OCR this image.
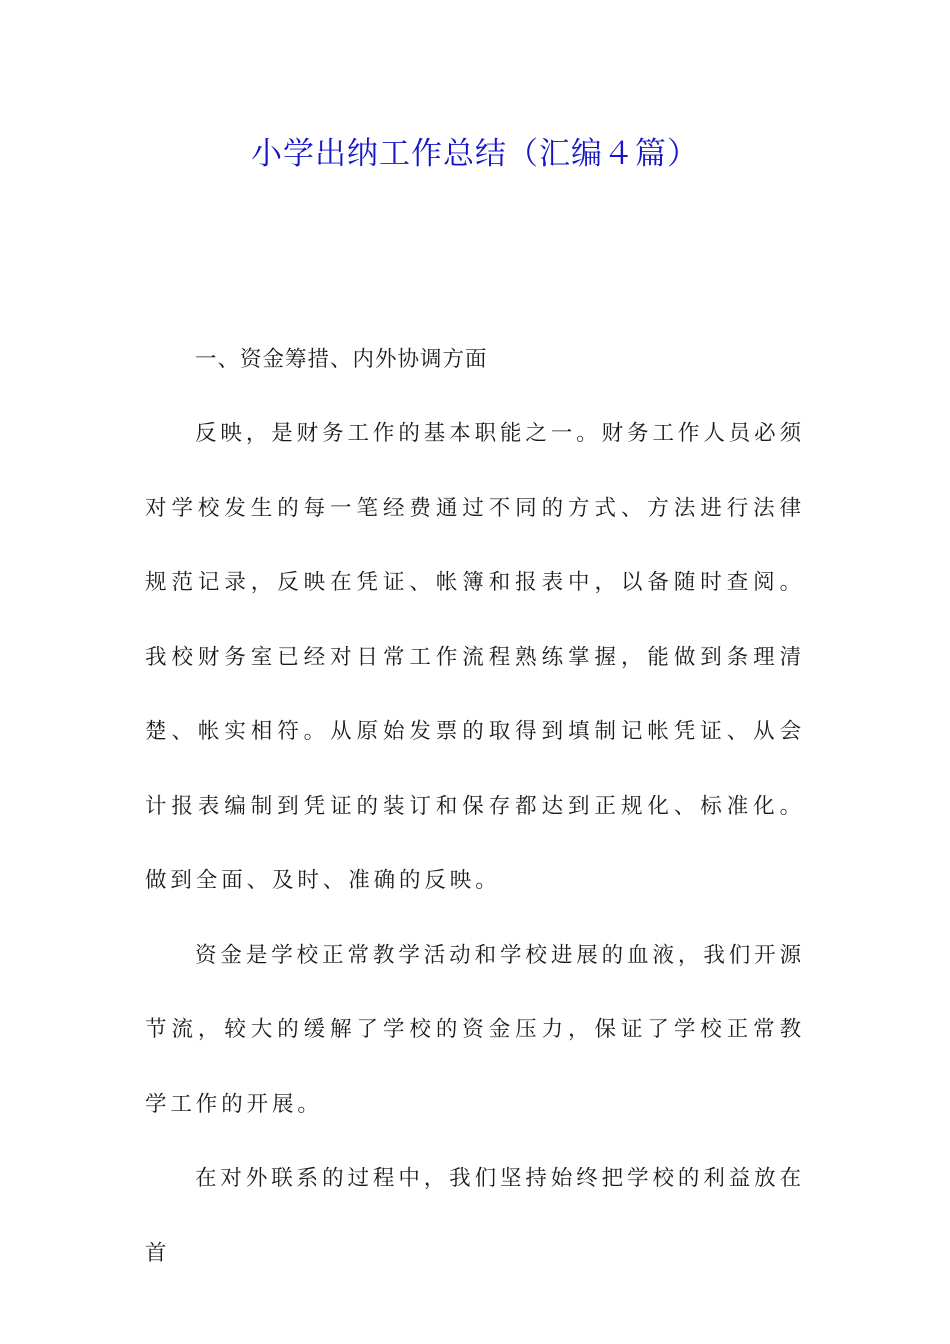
小学出纳工作总结（汇编４篇）

一、资金筹措、内外协调方面

反映，是财务工作的基本职能之一。财务工作人员必须对学校发生的每一笔经费通过不同的方式、方法进行法律规范记录，反映在凭证、帐簿和报表中，以备随时查阅。我校财务室已经对日常工作流程熟练掌握，能做到条理清楚、帐实相符。从原始发票的取得到填制记帐凭证、从会计报表编制到凭证的装订和保存都达到正规化、标准化。做到全面、及时、准确的反映。

资金是学校正常教学活动和学校进展的血液，我们开源节流，较大的缓解了学校的资金压力，保证了学校正常教学工作的开展。

在对外联系的过程中，我们坚持始终把学校的利益放在首
